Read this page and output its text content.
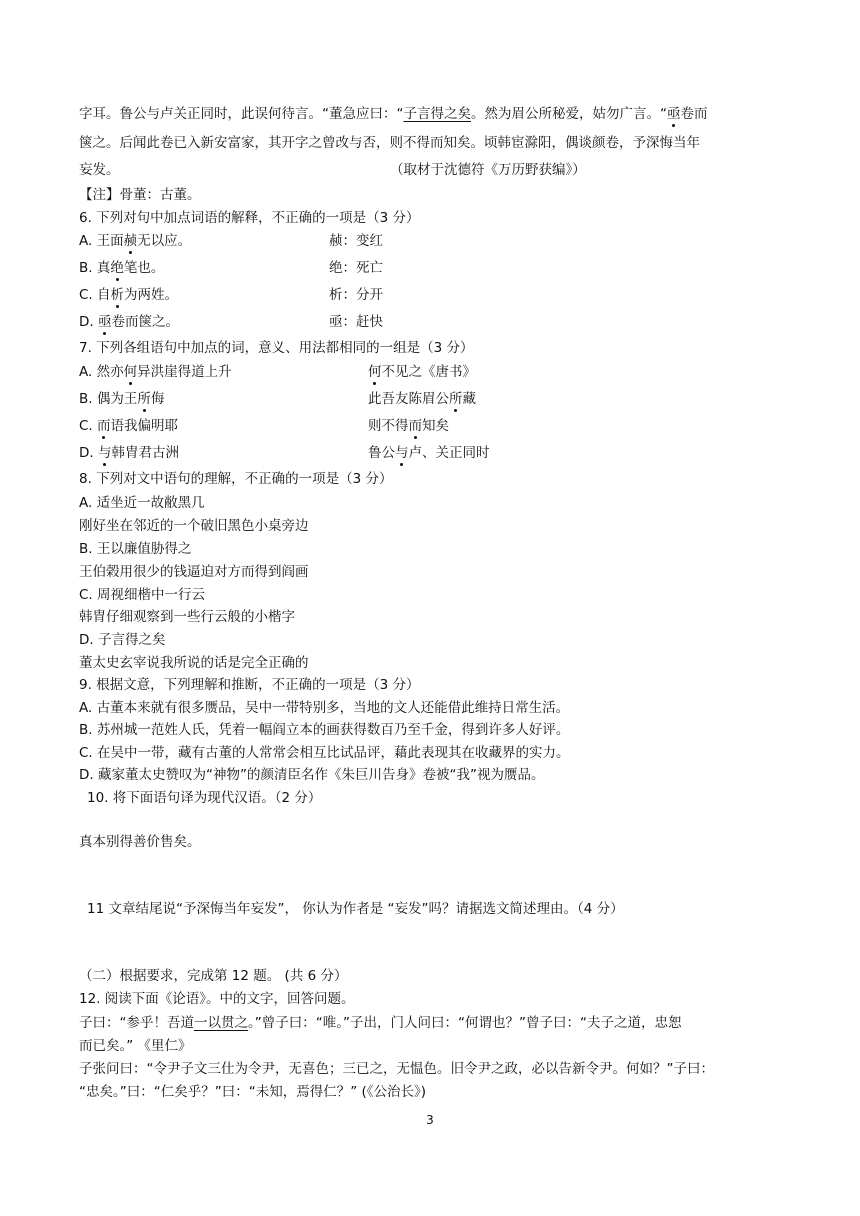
字耳。鲁公与卢关正同时，此误何待言。“董急应曰：“子言得之矣。然为眉公所秘爱，姑勿广言。“亟卷而
箧之。后闻此卷已入新安富家，其开字之曾改与否，则不得而知矣。顷韩宦滁阳，偶谈颜卷，予深悔当年
妄发。	（取材于沈德符《万历野获编》）
【注】骨董：古董。
6. 下列对句中加点词语的解释，不正确的一项是（3 分）
A. 王面赪无以应。	赪：变红
B. 真绝笔也。	绝：死亡
C. 自析为两姓。	析：分开
D. 亟卷而箧之。	亟：赶快
7. 下列各组语句中加点的词，意义、用法都相同的一组是（3 分）
A. 然亦何异洪崖得道上升	何不见之《唐书》
B. 偶为王所侮	此吾友陈眉公所藏
C. 而语我偏明耶	则不得而知矣
D. 与韩胄君古洲	鲁公与卢、关正同时
8. 下列对文中语句的理解，不正确的一项是（3 分）
A. 适坐近一故敝黑几
刚好坐在邻近的一个破旧黑色小桌旁边
B. 王以廉值胁得之
王伯榖用很少的钱逼迫对方而得到阎画
C. 周视细楷中一行云
韩胄仔细观察到一些行云般的小楷字
D. 子言得之矣
董太史玄宰说我所说的话是完全正确的
9. 根据文意，下列理解和推断，不正确的一项是（3 分）
A. 古董本来就有很多赝品，吴中一带特别多，当地的文人还能借此维持日常生活。
B. 苏州城一范姓人氏，凭着一幅阎立本的画获得数百乃至千金，得到许多人好评。
C. 在吴中一带，藏有古董的人常常会相互比试品评，藉此表现其在收藏界的实力。
D. 藏家董太史赞叹为“神物”的颜清臣名作《朱巨川告身》卷被“我”视为赝品。
10. 将下面语句译为现代汉语。（2 分）
真本别得善价售矣。
11 文章结尾说“予深悔当年妄发”， 你认为作者是 “妄发”吗？请据选文简述理由。（4 分）
（二）根据要求，完成第 12 题。 (共 6 分）
12. 阅读下面《论语》。中的文字，回答问题。
子曰：“参乎！吾道一以贯之。”曾子曰：“唯。”子出，门人问曰：“何谓也？”曾子曰：“夫子之道，忠恕
而已矣。” 《里仁》
子张问曰：“令尹子文三仕为令尹，无喜色；三已之，无愠色。旧令尹之政，必以告新令尹。何如？”子曰：
“忠矣。”曰：“仁矣乎？”曰：“未知，焉得仁？” (《公治长》)
3
